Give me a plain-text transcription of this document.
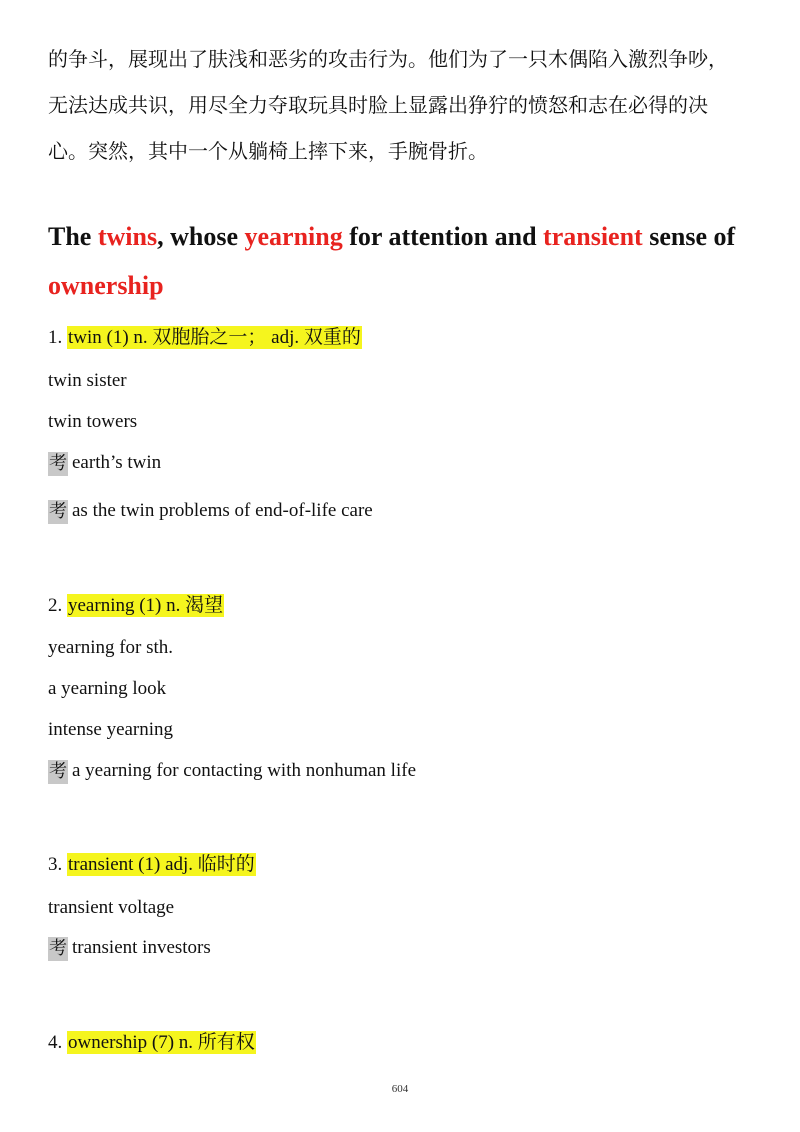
的争斗，展现出了肤浅和恶劣的攻击行为。他们为了一只木偶陷入激烈争吵，
无法达成共识，用尽全力夺取玩具时脸上显露出狰狞的愤怒和志在必得的决
心。突然，其中一个从躺椅上摔下来，手腕骨折。
The twins, whose yearning for attention and transient sense of
ownership
1. twin (1) n. 双胞胎之一； adj. 双重的
twin sister
twin towers
考 earth’s twin
考 as the twin problems of end-of-life care
2. yearning (1) n. 渴望
yearning for sth.
a yearning look
intense yearning
考 a yearning for contacting with nonhuman life
3. transient (1) adj. 临时的
transient voltage
考 transient investors
4. ownership (7) n. 所有权
604
